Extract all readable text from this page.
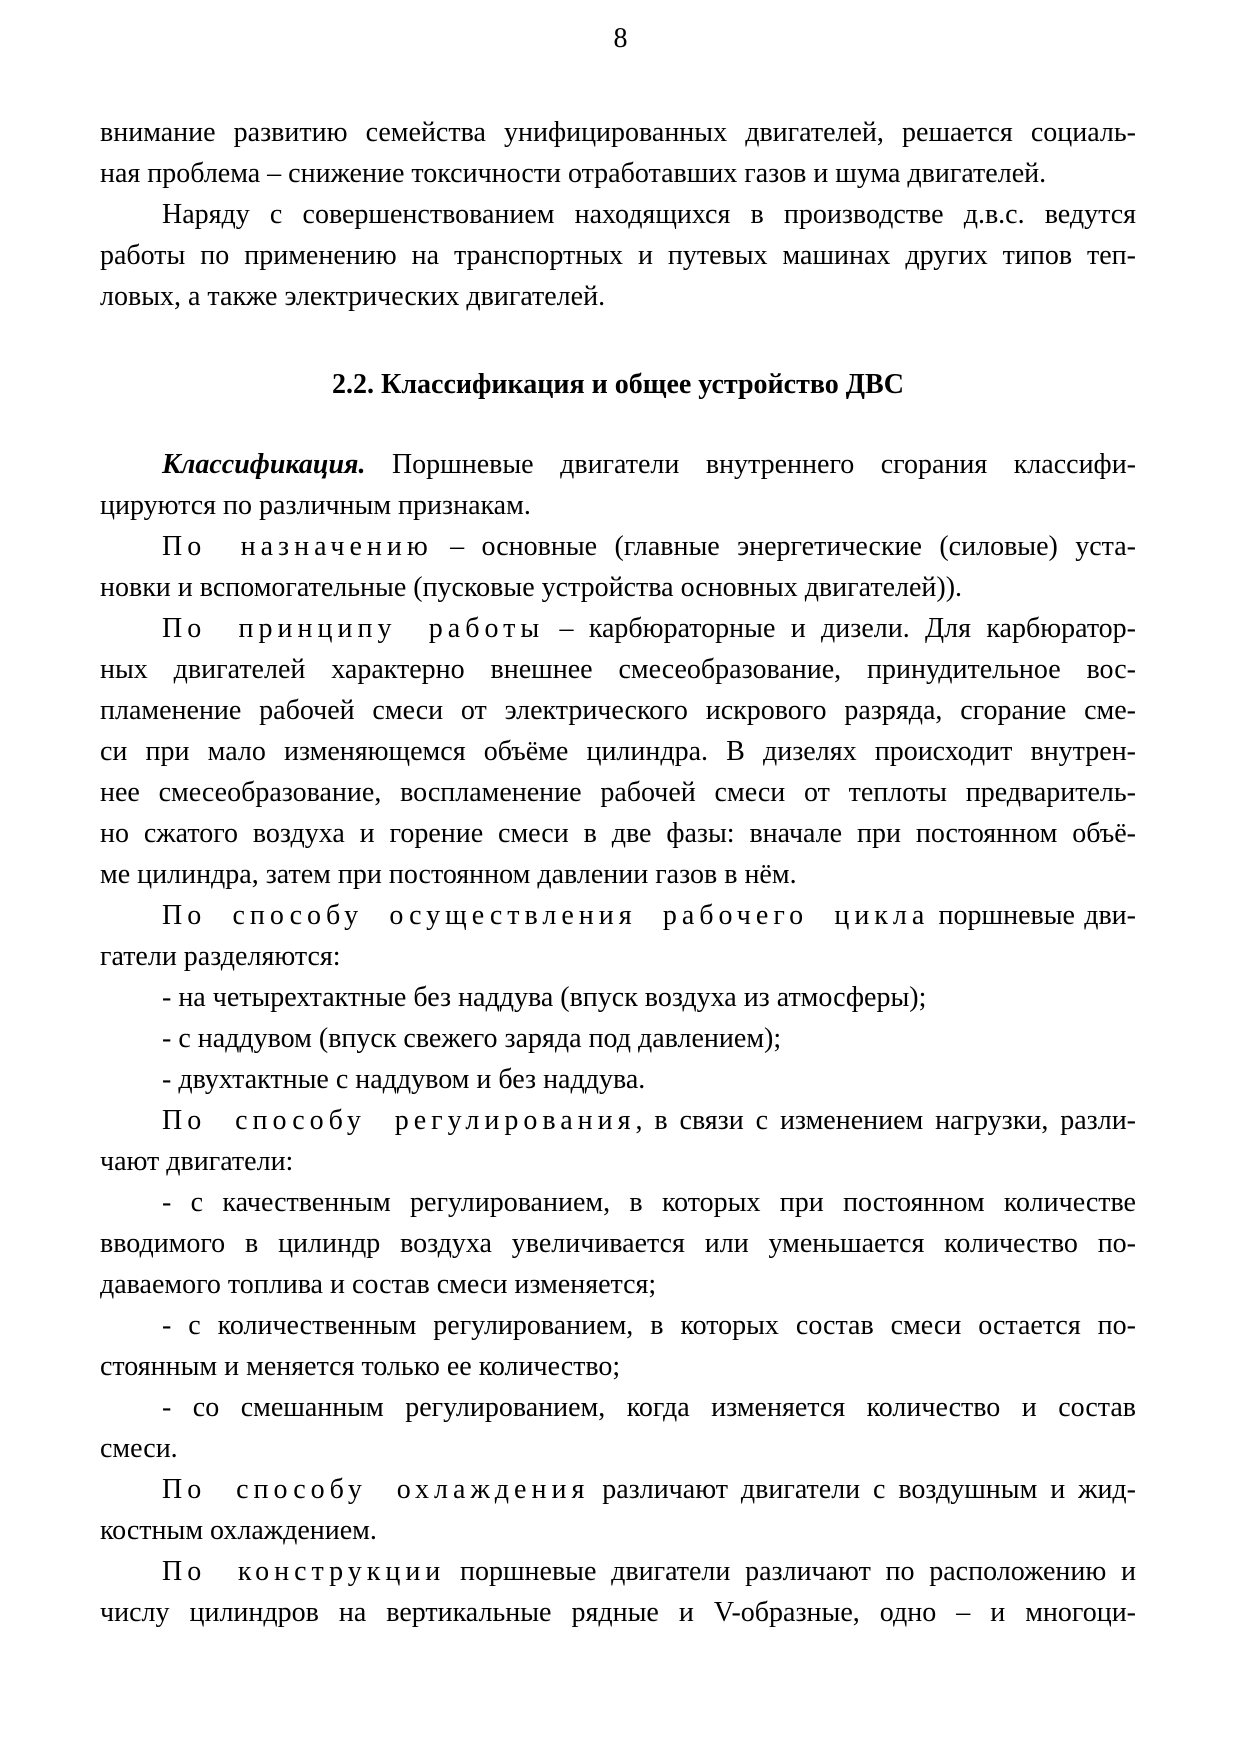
внимание развитию семейства унифицированных двигателей, решается социаль-
ная проблема – снижение токсичности отработавших газов и шума двигателей.
Наряду с совершенствованием находящихся в производстве д.в.с. ведутся
работы по применению на транспортных и путевых машинах других типов теп-
ловых, а также электрических двигателей.
2.2. Классификация и общее устройство ДВС
Классификация. Поршневые двигатели внутреннего сгорания классифи-
цируются по различным признакам.
По назначению – основные (главные энергетические (силовые) уста-
новки и вспомогательные (пусковые устройства основных двигателей)).
По принципу работы – карбюраторные и дизели. Для карбюратор-
ных двигателей характерно внешнее смесеобразование, принудительное вос-
пламенение рабочей смеси от электрического искрового разряда, сгорание сме-
си при мало изменяющемся объёме цилиндра. В дизелях происходит внутрен-
нее смесеобразование, воспламенение рабочей смеси от теплоты предваритель-
но сжатого воздуха и горение смеси в две фазы: вначале при постоянном объё-
ме цилиндра, затем при постоянном давлении газов в нём.
По способу осуществления рабочего цикла поршневые дви-
гатели разделяются:
- на четырехтактные без наддува (впуск воздуха из атмосферы);
- с наддувом (впуск свежего заряда под давлением);
- двухтактные с наддувом и без наддува.
По способу регулирования, в связи с изменением нагрузки, разли-
чают двигатели:
- с качественным регулированием, в которых при постоянном количестве
вводимого в цилиндр воздуха увеличивается или уменьшается количество по-
даваемого топлива и состав смеси изменяется;
- с количественным регулированием, в которых состав смеси остается по-
стоянным и меняется только ее количество;
- со смешанным регулированием, когда изменяется количество и состав
смеси.
По способу охлаждения различают двигатели с воздушным и жид-
костным охлаждением.
По конструкции поршневые двигатели различают по расположению и
числу цилиндров на вертикальные рядные и V-образные, одно – и многоци-
8
